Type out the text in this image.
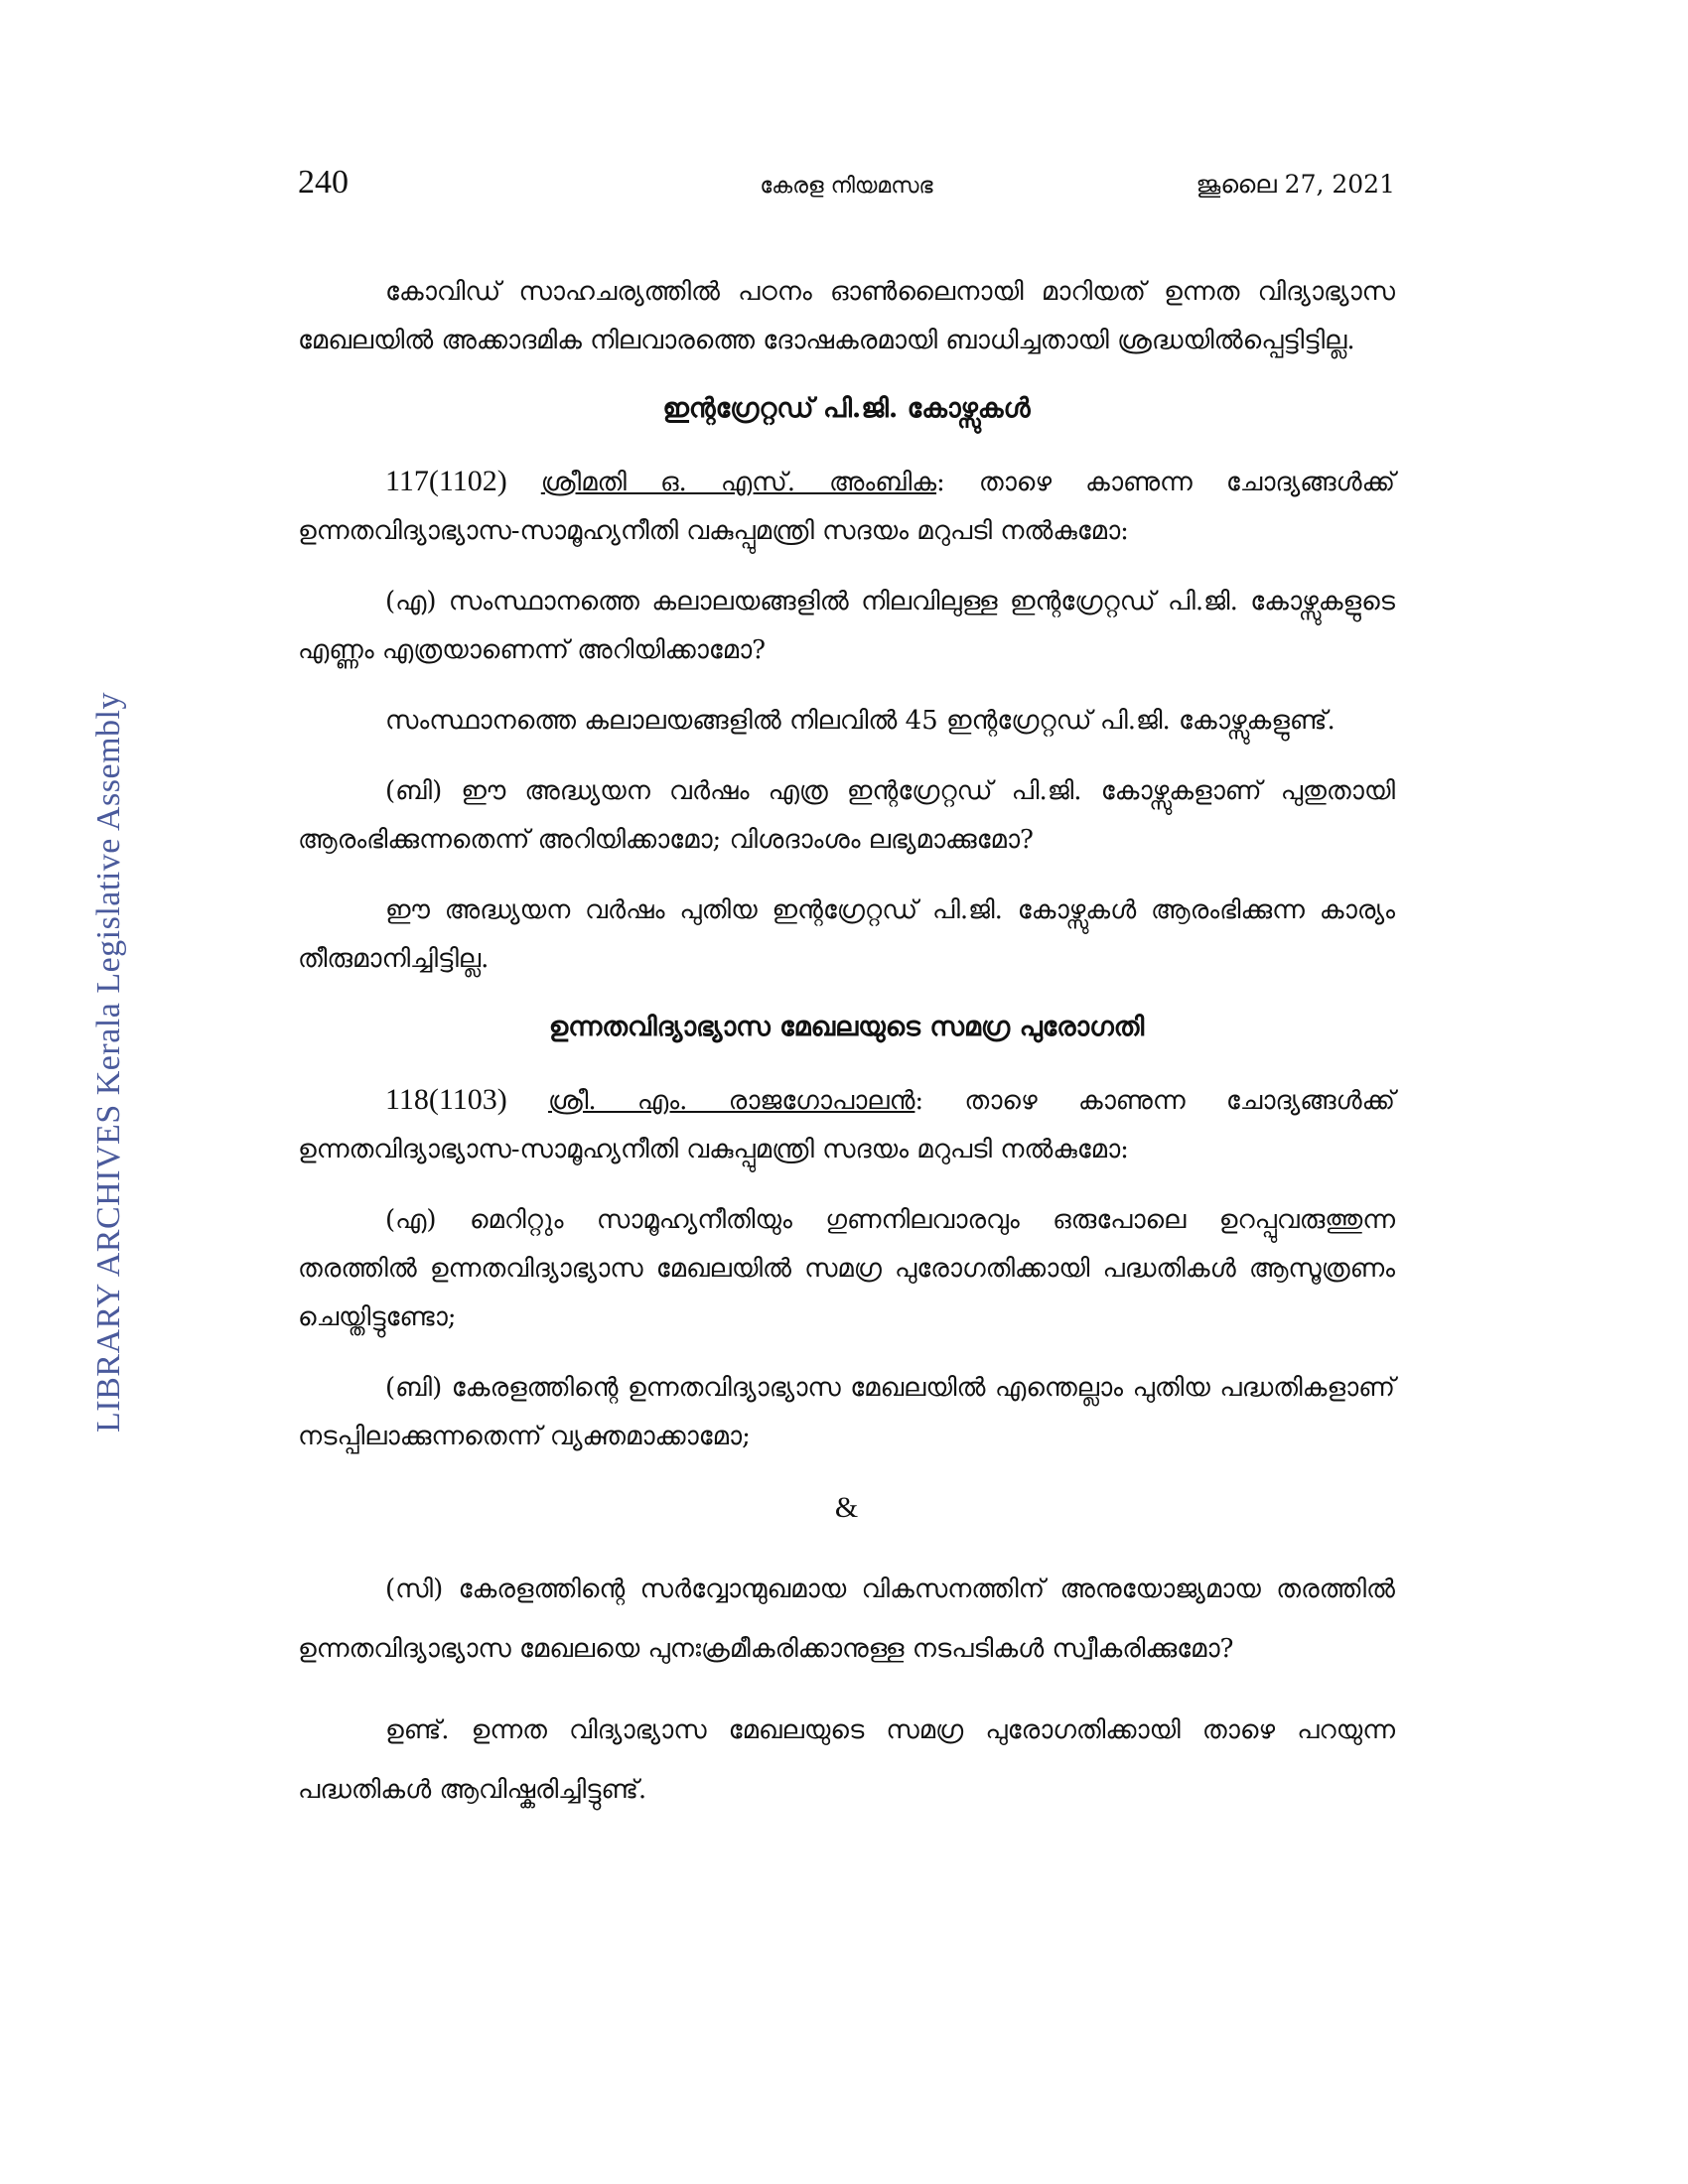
LIBRARY ARCHIVES Kerala Legislative Assembly
240	കേരള നിയമസഭ	ജൂലൈ 27, 2021

കോവിഡ് സാഹചര്യത്തിൽ പഠനം ഓൺലൈനായി മാറിയത് ഉന്നത വിദ്യാഭ്യാസ മേഖലയിൽ അക്കാദമിക നിലവാരത്തെ ദോഷകരമായി ബാധിച്ചതായി ശ്രദ്ധയിൽപ്പെട്ടിട്ടില്ല.

ഇന്റഗ്രേറ്റഡ് പി.ജി. കോഴ്സുകൾ

117(1102) ശ്രീമതി ഒ. എസ്. അംബിക: താഴെ കാണുന്ന ചോദ്യങ്ങൾക്ക് ഉന്നതവിദ്യാഭ്യാസ-സാമൂഹ്യനീതി വകുപ്പുമന്ത്രി സദയം മറുപടി നൽകുമോ:

(എ) സംസ്ഥാനത്തെ കലാലയങ്ങളിൽ നിലവിലുള്ള ഇന്റഗ്രേറ്റഡ് പി.ജി. കോഴ്സുകളുടെ എണ്ണം എത്രയാണെന്ന് അറിയിക്കാമോ?

സംസ്ഥാനത്തെ കലാലയങ്ങളിൽ നിലവിൽ 45 ഇന്റഗ്രേറ്റഡ് പി.ജി. കോഴ്സുകളുണ്ട്.

(ബി) ഈ അദ്ധ്യയന വർഷം എത്ര ഇന്റഗ്രേറ്റഡ് പി.ജി. കോഴ്സുകളാണ് പുതുതായി ആരംഭിക്കുന്നതെന്ന് അറിയിക്കാമോ; വിശദാംശം ലഭ്യമാക്കുമോ?

ഈ അദ്ധ്യയന വർഷം പുതിയ ഇന്റഗ്രേറ്റഡ് പി.ജി. കോഴ്സുകൾ ആരംഭിക്കുന്ന കാര്യം തീരുമാനിച്ചിട്ടില്ല.

ഉന്നതവിദ്യാഭ്യാസ മേഖലയുടെ സമഗ്ര പുരോഗതി

118(1103) ശ്രീ. എം. രാജഗോപാലൻ: താഴെ കാണുന്ന ചോദ്യങ്ങൾക്ക് ഉന്നതവിദ്യാഭ്യാസ-സാമൂഹ്യനീതി വകുപ്പുമന്ത്രി സദയം മറുപടി നൽകുമോ:

(എ) മെറിറ്റും സാമൂഹ്യനീതിയും ഗുണനിലവാരവും ഒരുപോലെ ഉറപ്പുവരുത്തുന്ന തരത്തിൽ ഉന്നതവിദ്യാഭ്യാസ മേഖലയിൽ സമഗ്ര പുരോഗതിക്കായി പദ്ധതികൾ ആസൂത്രണം ചെയ്തിട്ടുണ്ടോ;

(ബി) കേരളത്തിന്റെ ഉന്നതവിദ്യാഭ്യാസ മേഖലയിൽ എന്തെല്ലാം പുതിയ പദ്ധതികളാണ് നടപ്പിലാക്കുന്നതെന്ന് വ്യക്തമാക്കാമോ;

&

(സി) കേരളത്തിന്റെ സർവ്വോന്മുഖമായ വികസനത്തിന് അനുയോജ്യമായ തരത്തിൽ ഉന്നതവിദ്യാഭ്യാസ മേഖലയെ പുനഃക്രമീകരിക്കാനുള്ള നടപടികൾ സ്വീകരിക്കുമോ?

ഉണ്ട്. ഉന്നത വിദ്യാഭ്യാസ മേഖലയുടെ സമഗ്ര പുരോഗതിക്കായി താഴെ പറയുന്ന പദ്ധതികൾ ആവിഷ്കരിച്ചിട്ടുണ്ട്.
